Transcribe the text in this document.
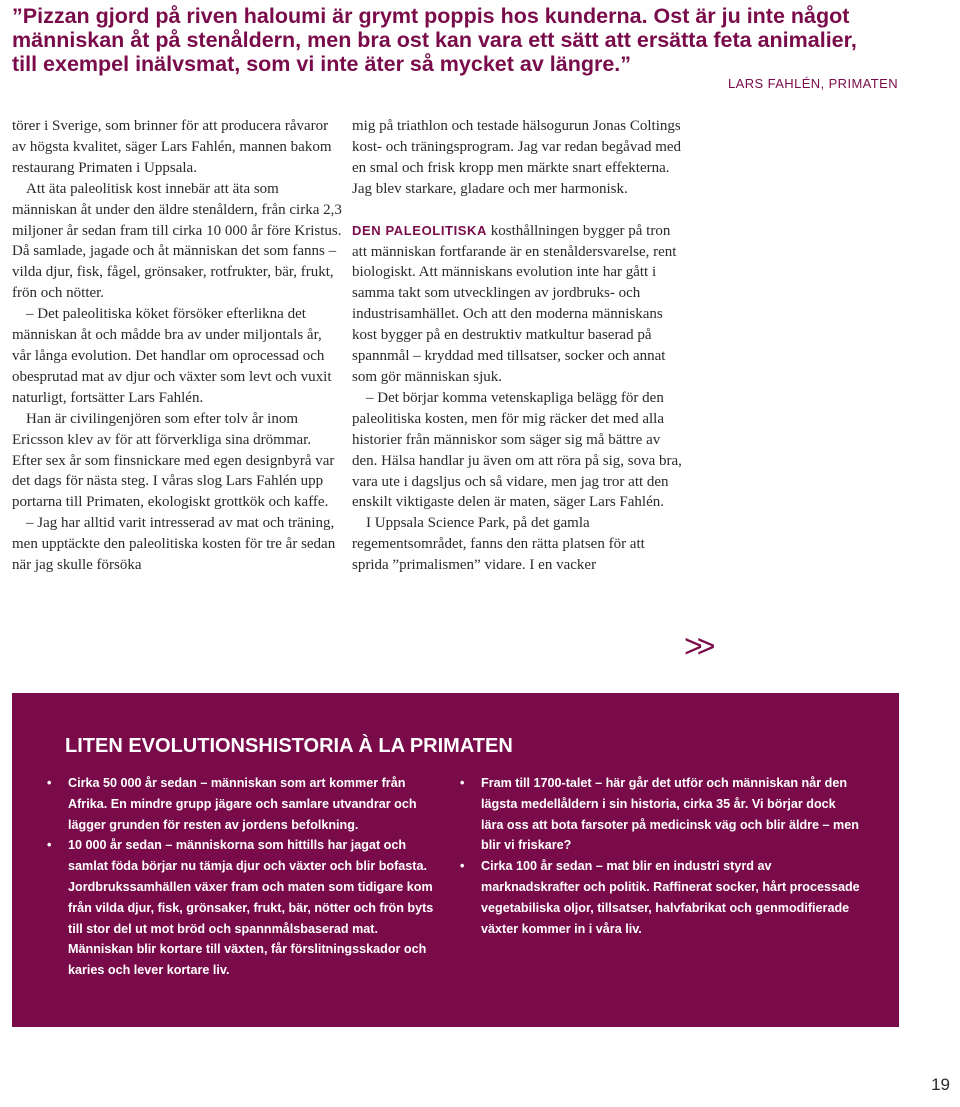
”Pizzan gjord på riven haloumi är grymt poppis hos kunderna. Ost är ju inte något människan åt på stenåldern, men bra ost kan vara ett sätt att ersätta feta animalier, till exempel inälvsmat, som vi inte äter så mycket av längre.”

LARS FAHLÉN, PRIMATEN

törer i Sverige, som brinner för att producera råvaror av högsta kvalitet, säger Lars Fahlén, mannen bakom restaurang Primaten i Uppsala.

Att äta paleolitisk kost innebär att äta som människan åt under den äldre stenåldern, från cirka 2,3 miljoner år sedan fram till cirka 10 000 år före Kristus. Då samlade, jagade och åt människan det som fanns – vilda djur, fisk, fågel, grönsaker, rotfrukter, bär, frukt, frön och nötter.

– Det paleolitiska köket försöker efterlikna det människan åt och mådde bra av under miljontals år, vår långa evolution. Det handlar om oprocessad och obesprutad mat av djur och växter som levt och vuxit naturligt, fortsätter Lars Fahlén.

Han är civilingenjören som efter tolv år inom Ericsson klev av för att förverkliga sina drömmar. Efter sex år som finsnickare med egen designbyrå var det dags för nästa steg. I våras slog Lars Fahlén upp portarna till Primaten, ekologiskt grottkök och kaffe.

– Jag har alltid varit intresserad av mat och träning, men upptäckte den paleolitiska kosten för tre år sedan när jag skulle försöka

mig på triathlon och testade hälsogurun Jonas Coltings kost- och träningsprogram. Jag var redan begåvad med en smal och frisk kropp men märkte snart effekterna. Jag blev starkare, gladare och mer harmonisk.

DEN PALEOLITISKA kosthållningen bygger på tron att människan fortfarande är en stenåldersvarelse, rent biologiskt. Att människans evolution inte har gått i samma takt som utvecklingen av jordbruks- och industrisamhället. Och att den moderna människans kost bygger på en destruktiv matkultur baserad på spannmål – kryddad med tillsatser, socker och annat som gör människan sjuk.

– Det börjar komma vetenskapliga belägg för den paleolitiska kosten, men för mig räcker det med alla historier från människor som säger sig må bättre av den. Hälsa handlar ju även om att röra på sig, sova bra, vara ute i dagsljus och så vidare, men jag tror att den enskilt viktigaste delen är maten, säger Lars Fahlén.

I Uppsala Science Park, på det gamla regementsområdet, fanns den rätta platsen för att sprida ”primalismen” vidare. I en vacker

>>
LITEN EVOLUTIONSHISTORIA À LA PRIMATEN
• Cirka 50 000 år sedan – människan som art kommer från Afrika. En mindre grupp jägare och samlare utvandrar och lägger grunden för resten av jordens befolkning.
• 10 000 år sedan – människorna som hittills har jagat och samlat föda börjar nu tämja djur och växter och blir bofasta. Jordbrukssamhällen växer fram och maten som tidigare kom från vilda djur, fisk, grönsaker, frukt, bär, nötter och frön byts till stor del ut mot bröd och spannmålsbaserad mat. Människan blir kortare till växten, får förslitningsskador och karies och lever kortare liv.
• Fram till 1700-talet – här går det utför och människan når den lägsta medellåldern i sin historia, cirka 35 år. Vi börjar dock lära oss att bota farsoter på medicinsk väg och blir äldre – men blir vi friskare?
• Cirka 100 år sedan – mat blir en industri styrd av marknadskrafter och politik. Raffinerat socker, hårt processade vegetabiliska oljor, tillsatser, halvfabrikat och genmodifierade växter kommer in i våra liv.
19
